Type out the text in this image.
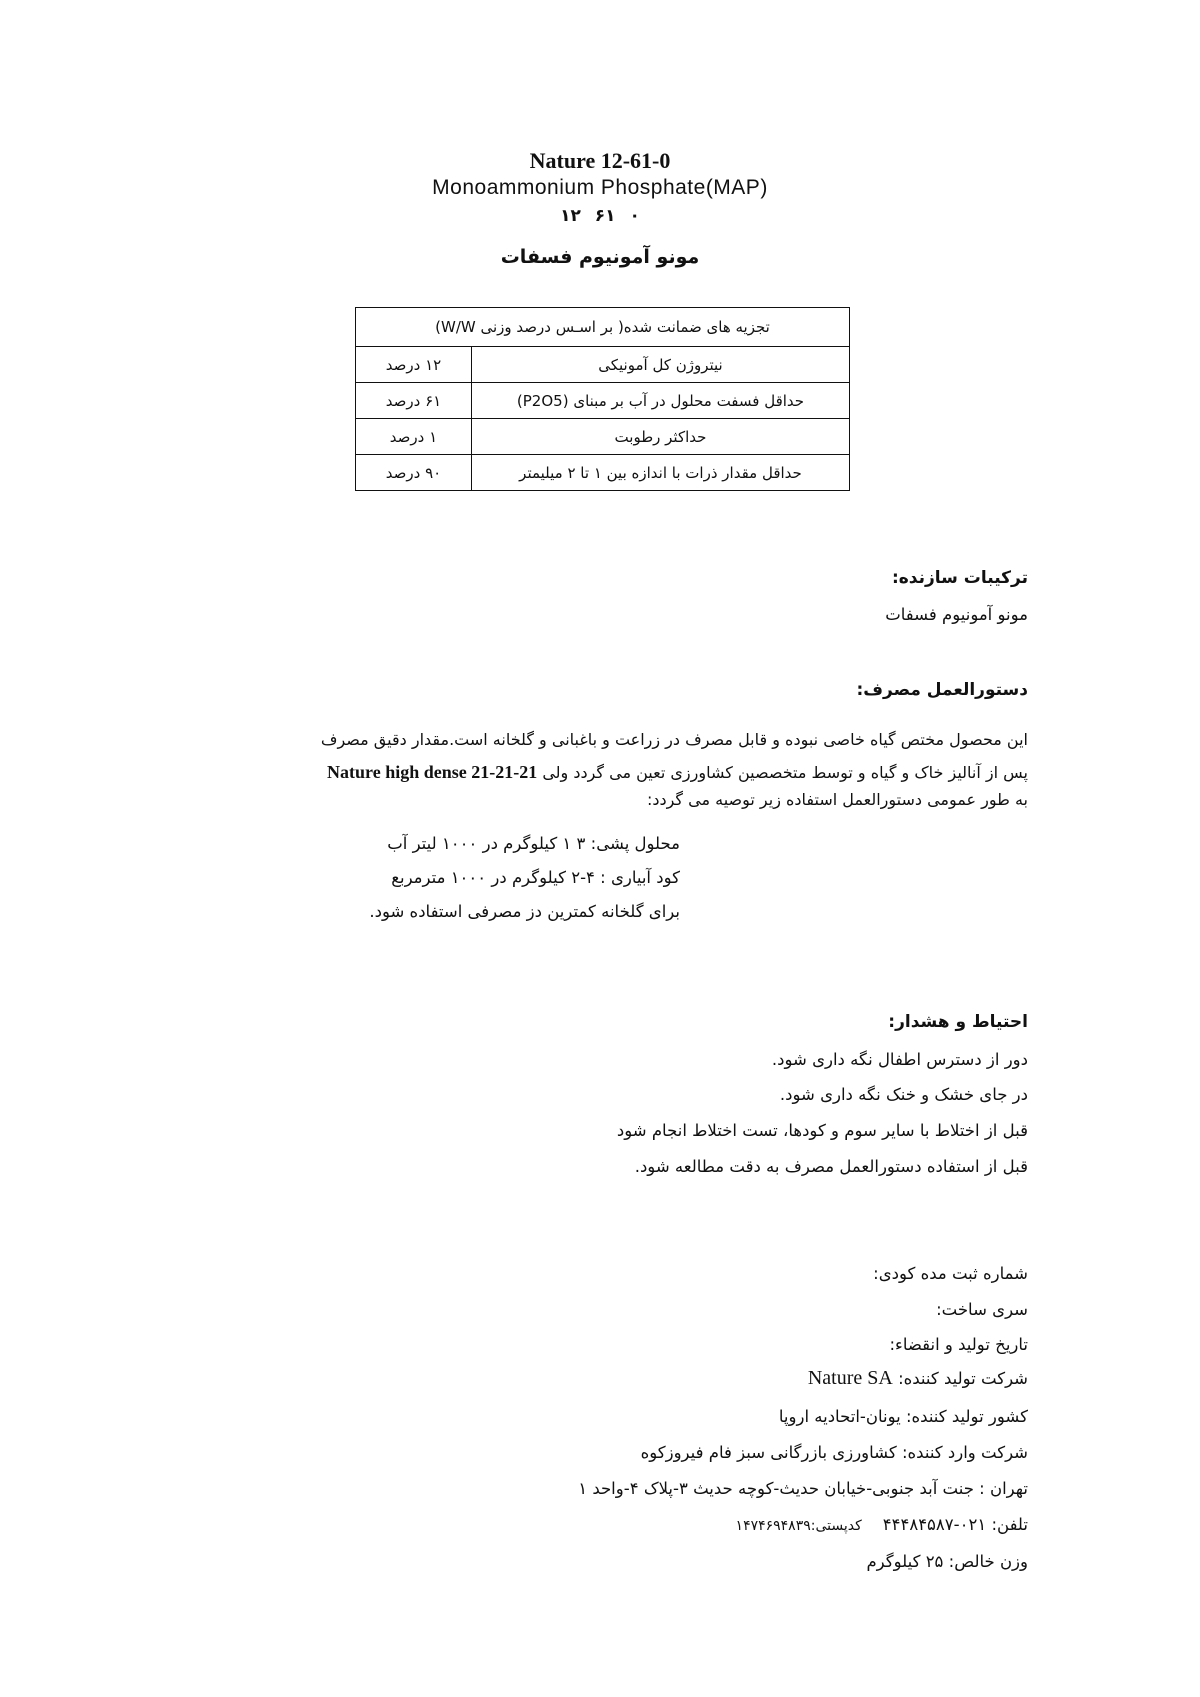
Nature 12-61-0
Monoammonium Phosphate(MAP)
۱۲ ۶۱ ۰
مونو آمونیوم فسفات
تجزیه های ضمانت شده( بر اسـس درصد وزنی W/W)	
نیتروژن کل آمونیکی	۱۲ درصد
حداقل فسفت محلول در آب بر مبنای (P2O5)	۶۱ درصد
حداکثر رطوبت	۱ درصد
حداقل مقدار ذرات با اندازه بین ۱ تا ۲ میلیمتر	۹۰ درصد
ترکیبات سازنده:
مونو آمونیوم فسفات
دستورالعمل مصرف:
این محصول مختص گیاه خاصی نبوده و قابل مصرف در زراعت و باغبانی و گلخانه است.مقدار دقیق مصرف
پس از آنالیز خاک و گیاه و توسط متخصصین کشاورزی تعین می گردد ولی Nature high dense 21-21-21
به طور عمومی دستورالعمل استفاده زیر توصیه می گردد:
محلول پشی: ۳ ۱ کیلوگرم در ۱۰۰۰ لیتر آب
کود آبیاری : ۴-۲ کیلوگرم در ۱۰۰۰ مترمربع
برای گلخانه کمترین دز مصرفی استفاده شود.
احتیاط و هشدار:
دور از دسترس اطفال نگه داری شود.
در جای خشک و خنک نگه داری شود.
قبل از اختلاط با سایر سوم و کودها، تست اختلاط انجام شود
قبل از استفاده دستورالعمل مصرف به دقت مطالعه شود.
شماره ثبت مده کودی:
سری ساخت:
تاریخ تولید و انقضاء:
شرکت تولید کننده: Nature SA
کشور تولید کننده: یونان-اتحادیه اروپا
شرکت وارد کننده: کشاورزی بازرگانی سبز فام فیروزکوه
تهران : جنت آبد جنوبی-خیابان حدیث-کوچه حدیث ۳-پلاک ۴-واحد ۱
تلفن: ۰۲۱-۴۴۴۸۴۵۸۷    کدپستی:۱۴۷۴۶۹۴۸۳۹
وزن خالص: ۲۵ کیلوگرم
